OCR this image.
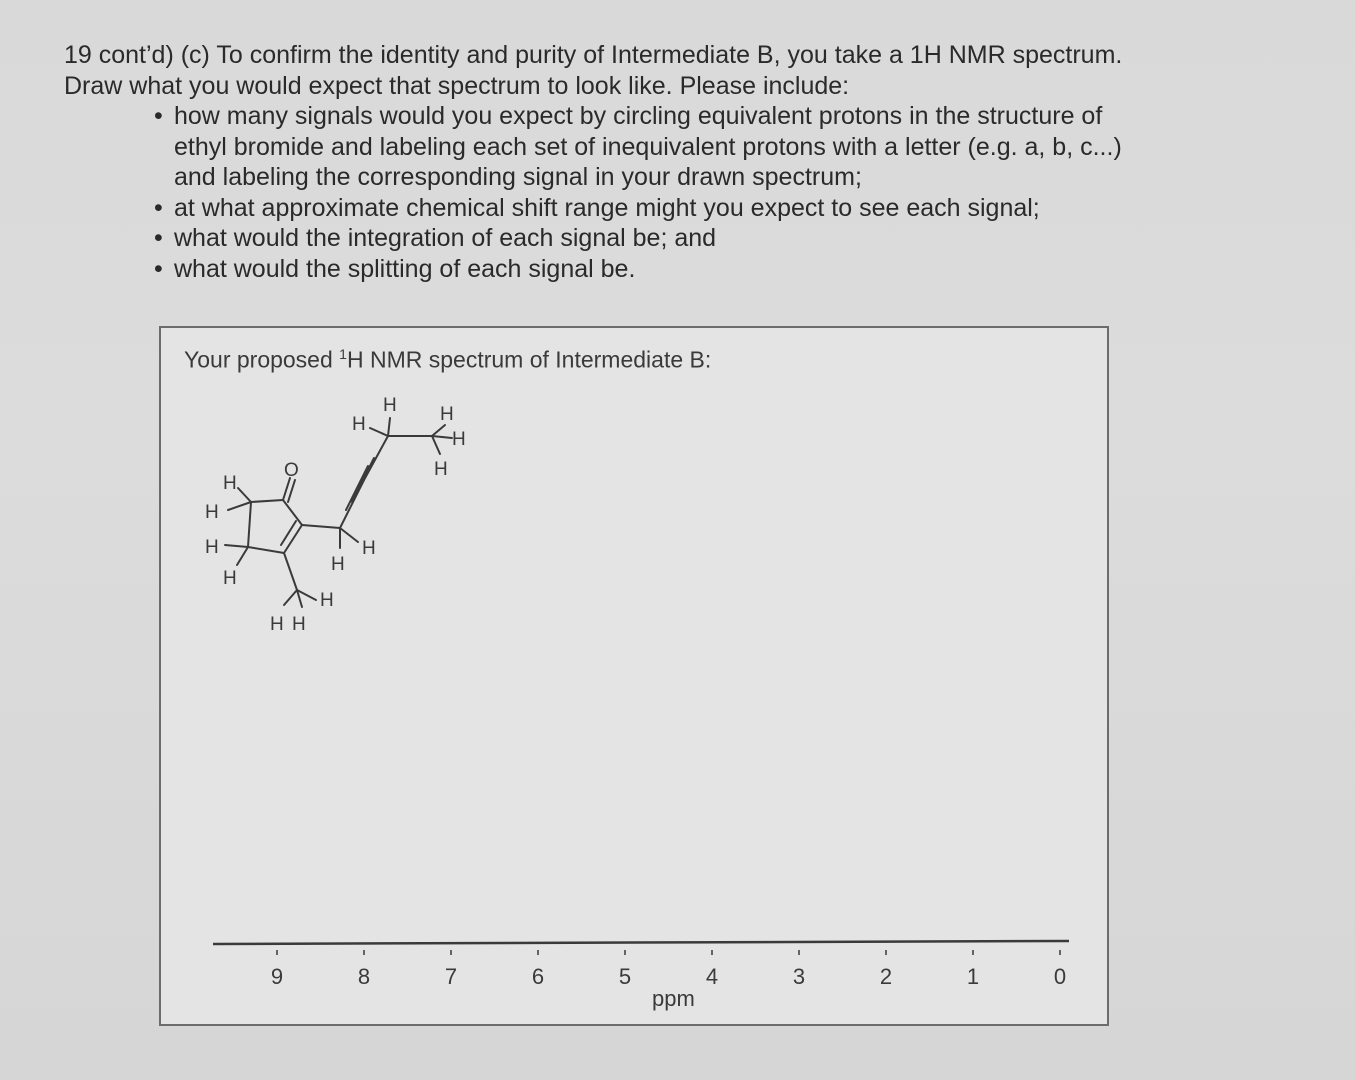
19 cont’d) (c) To confirm the identity and purity of Intermediate B, you take a 1H NMR spectrum.
Draw what you would expect that spectrum to look like. Please include:
• how many signals would you expect by circling equivalent protons in the structure of
ethyl bromide and labeling each set of inequivalent protons with a letter (e.g. a, b, c...)
and labeling the corresponding signal in your drawn spectrum;
• at what approximate chemical shift range might you expect to see each signal;
• what would the integration of each signal be; and
• what would the splitting of each signal be.
Your proposed $^1$H NMR spectrum of Intermediate B:
H
H	H
H
O	H
H
H
H	H
H
H
H
H H
9	8	7	6	5	4	3	2	1	0
ppm
